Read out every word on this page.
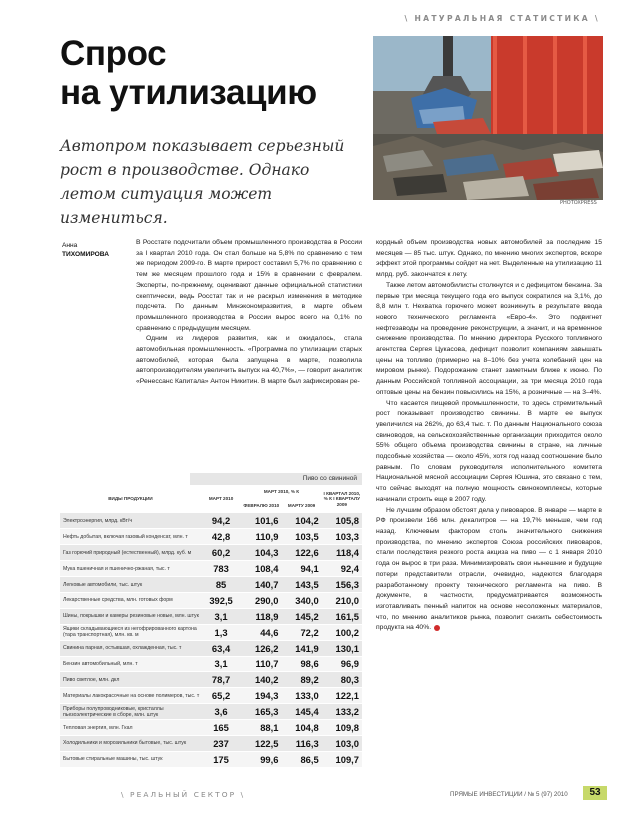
\ НАТУРАЛЬНАЯ СТАТИСТИКА \
Спрос
на утилизацию

Автопром показывает серьезный рост в производстве. Однако летом ситуация может измениться.

PHOTOXPRESS
Анна
ТИХОМИРОВА

В Росстате подсчитали объем промышленного производства в России за I квартал 2010 года. Он стал больше на 5,8% по сравнению с тем же периодом 2009-го. В марте прирост составил 5,7% по сравнению с тем же месяцем прошлого года и 15% в сравнении с февралем. Эксперты, по-прежнему, оценивают данные официальной статистики скептически, ведь Росстат так и не раскрыл изменения в методике подсчета. По данным Минэкономразвития, в марте объем промышленного производства в России вырос всего на 0,1% по сравнению с предыдущим месяцем.

Одним из лидеров развития, как и ожидалось, стала автомобильная промышленность. «Программа по утилизации старых автомобилей, которая была запущена в марте, позволила автопроизводителям увеличить выпуск на 40,7%», — говорит аналитик «Ренессанс Капитала» Антон Никитин. В марте был зафиксирован ре-

кордный объем производства новых автомобилей за последние 15 месяцев — 85 тыс. штук. Однако, по мнению многих экспертов, вскоре эффект этой программы сойдет на нет. Выделенные на утилизацию 11 млрд. руб. закончатся к лету.

Также летом автомобилисты столкнутся и с дефицитом бензина. За первые три месяца текущего года его выпуск сократился на 3,1%, до 8,8 млн т. Нехватка горючего может возникнуть в результате ввода нового технического регламента «Евро-4». Это подвигнет нефтезаводы на проведение реконструкции, а значит, и на временное снижение производства. По мнению директора Русского топливного агентства Сергея Цукасова, дефицит позволит компаниям завышать цены на топливо (примерно на 8–10% без учета колебаний цен на мировом рынке). Подорожание станет заметным ближе к июню. По данным Российской топливной ассоциации, за три месяца 2010 года оптовые цены на бензин повысились на 15%, а розничные — на 3–4%.

Что касается пищевой промышленности, то здесь стремительный рост показывает производство свинины. В марте ее выпуск увеличился на 262%, до 63,4 тыс. т. По данным Национального союза свиноводов, на сельскохозяйственные организации приходится около 55% общего объема производства свинины в стране, на личные подсобные хозяйства — около 45%, хотя год назад соотношение было равным. По словам руководителя исполнительного комитета Национальной мясной ассоциации Сергея Юшина, это связано с тем, что сейчас выходят на полную мощность свинокомплексы, которые начинали строить еще в 2007 году.

Не лучшим образом обстоят дела у пивоваров. В январе — марте в РФ произвели 166 млн. декалитров — на 19,7% меньше, чем год назад. Ключевым фактором столь значительного снижения производства, по мнению экспертов Союза российских пивоваров, стали последствия резкого роста акциза на пиво — с 1 января 2010 года он вырос в три раза. Минимизировать свои нынешние и будущие потери представители отрасли, очевидно, надеются благодаря разработанному проекту технического регламента на пиво. В документе, в частности, предусматривается возможность изготавливать пенный напиток на основе несоложеных материалов, что, по мнению аналитиков рынка, позволит снизить себестоимость продукта на 40%.

Пиво со свининой
ВИДЫ ПРОДУКЦИИ	МАРТ 2010	МАРТ 2010, % К		I КВАРТАЛ 2010, % К I КВАРТАЛУ 2009
		ФЕВРАЛЮ 2010	МАРТУ 2009	
Электроэнергия, млрд. кВт/ч	94,2	101,6	104,2	105,8
Нефть добытая, включая газовый конденсат, млн. т	42,8	110,9	103,5	103,3
Газ горючий природный (естественный), млрд. куб. м	60,2	104,3	122,6	118,4
Мука пшеничная и пшенично-ржаная, тыс. т	783	108,4	94,1	92,4
Легковые автомобили, тыс. штук	85	140,7	143,5	156,3
Лекарственные средства, млн. готовых форм	392,5	290,0	340,0	210,0
Шины, покрышки и камеры резиновые новые, млн. штук	3,1	118,9	145,2	161,5
Ящики складывающиеся из негофрированного картона (тара транспортная), млн. кв. м	1,3	44,6	72,2	100,2
Свинина парная, остывшая, охлажденная, тыс. т	63,4	126,2	141,9	130,1
Бензин автомобильный, млн. т	3,1	110,7	98,6	96,9
Пиво светлое, млн. дкл	78,7	140,2	89,2	80,3
Материалы лакокрасочные на основе полимеров, тыс. т	65,2	194,3	133,0	122,1
Приборы полупроводниковые, кристаллы пьезоэлектрические в сборе, млн. штук	3,6	165,3	145,4	133,2
Тепловая энергия, млн. Гкал	165	88,1	104,8	109,8
Холодильники и морозильники бытовые, тыс. штук	237	122,5	116,3	103,0
Бытовые стиральные машины, тыс. штук	175	99,6	86,5	109,7
\ РЕАЛЬНЫЙ СЕКТОР \	ПРЯМЫЕ ИНВЕСТИЦИИ / № 5 (97) 2010	53
